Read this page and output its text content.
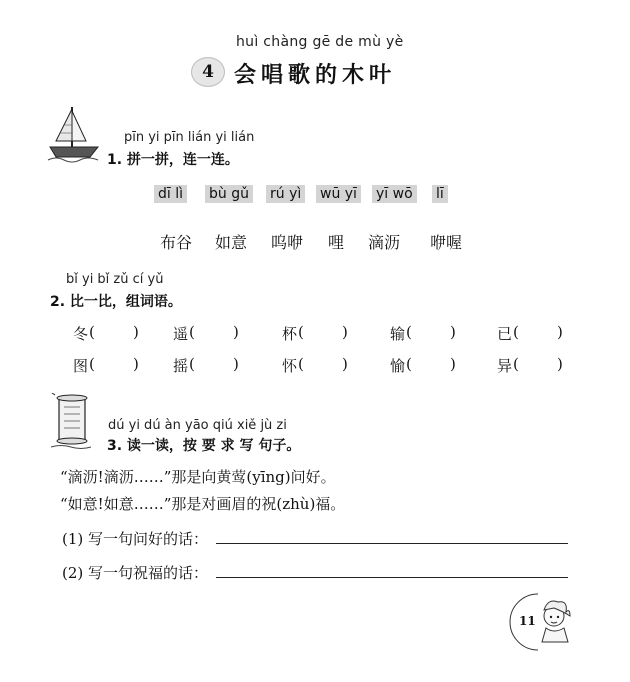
huì chàng gē de mù yè
4 会唱歌的木叶
pīn yi pīn lián yi lián
1. 拼一拼，连一连。
dī lì bù gǔ rú yì wū yī yī wō lī
布谷 如意 呜咿 哩 滴沥 咿喔
bǐ yi bǐ zǔ cí yǔ
2. 比一比，组词语。
冬 (        ) 遥 (        )	杯 (        )	输 (        )	已 (        )
图 (        ) 摇 (        )	怀 (        )	愉 (        )	异 (        )
dú yi dú àn yāo qiú xiě jù zi
3. 读一读，按 要 求 写 句子。
“滴沥!滴沥……”那是向黄莺(yīng)问好。
“如意!如意……”那是对画眉的祝(zhù)福。
(1) 写一句问好的话：
(2) 写一句祝福的话：
11
